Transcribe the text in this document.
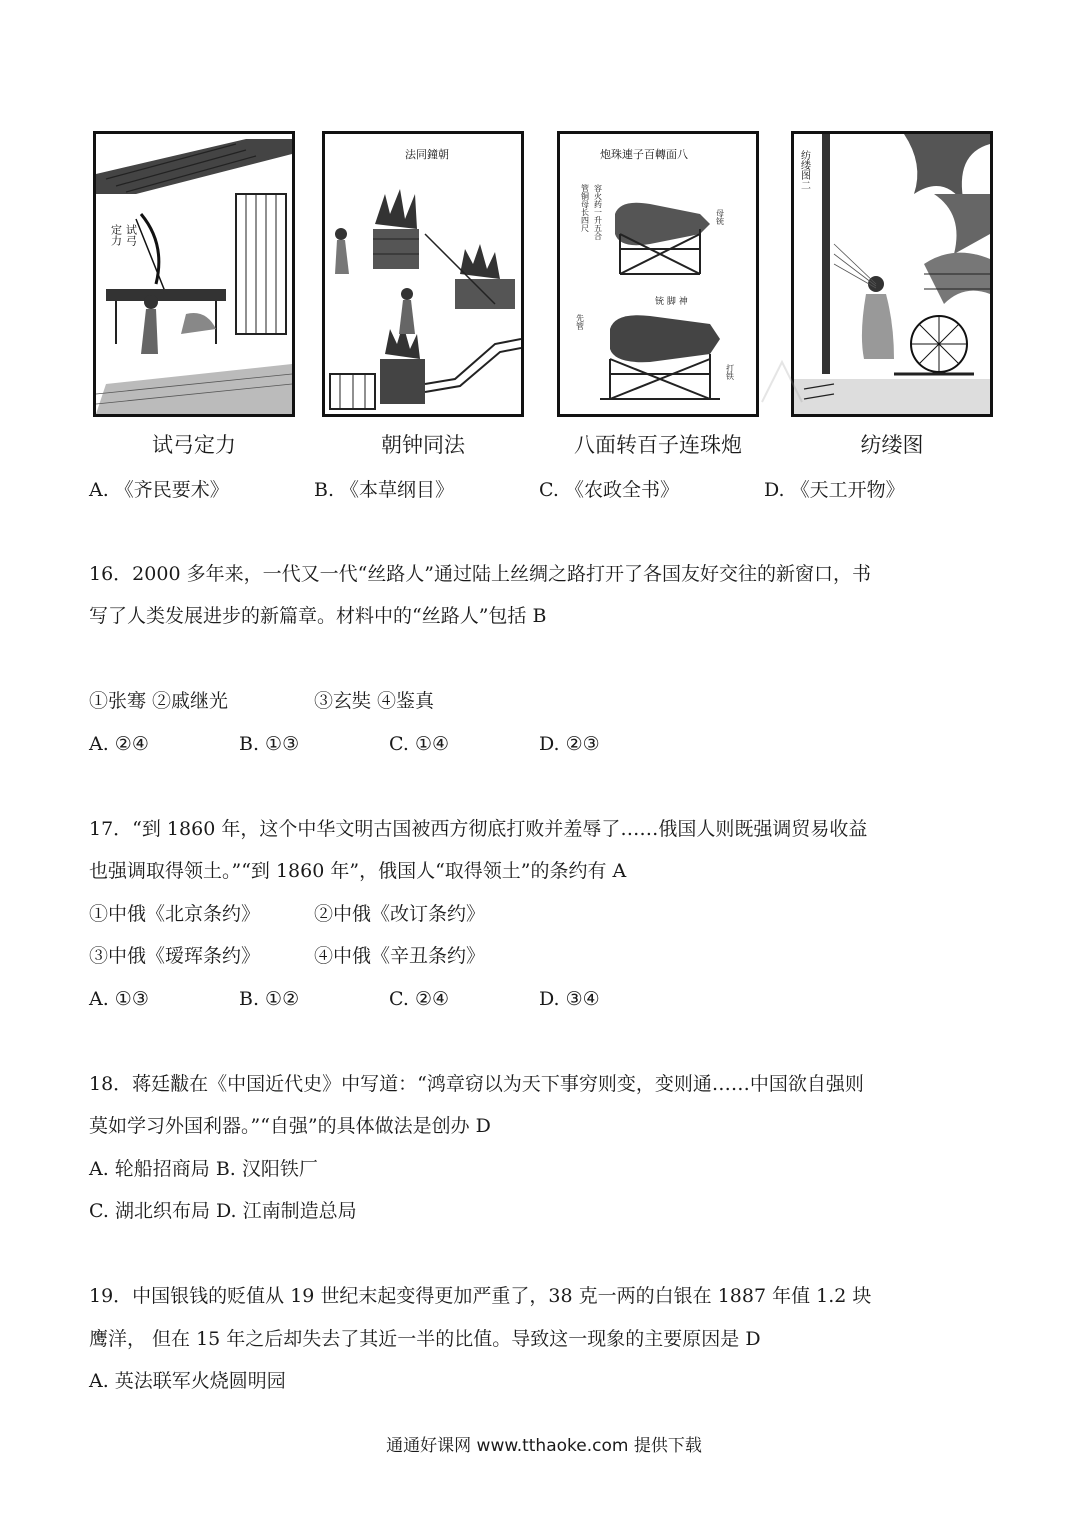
试弓
定力
法同鐘朝	炮珠連子百轉面八
管铜母长四尺 容火药一升五合	母铳
铳 脚 神
先管
打铁
纺缕图二
试弓定力	朝钟同法	八面转百子连珠炮	纺缕图
A. 《齐民要术》	B. 《本草纲目》	C. 《农政全书》	D. 《天工开物》
16．2000 多年来，一代又一代“丝路人”通过陆上丝绸之路打开了各国友好交往的新窗口，书
写了人类发展进步的新篇章。材料中的“丝路人”包括 B
①张骞 ②戚继光	③玄奘 ④鉴真
A. ②④	B. ①③	C. ①④	D. ②③
17．“到 1860 年，这个中华文明古国被西方彻底打败并羞辱了……俄国人则既强调贸易收益
也强调取得领土。”“到 1860 年”，俄国人“取得领土”的条约有 A
①中俄《北京条约》	②中俄《改订条约》
③中俄《瑷珲条约》	④中俄《辛丑条约》
A. ①③	B. ①②	C. ②④	D. ③④
18．蒋廷黻在《中国近代史》中写道：“鸿章窃以为天下事穷则变，变则通……中国欲自强则
莫如学习外国利器。”“自强”的具体做法是创办 D
A. 轮船招商局 B. 汉阳铁厂
C. 湖北织布局 D. 江南制造总局
19．中国银钱的贬值从 19 世纪末起变得更加严重了，38 克一两的白银在 1887 年值 1.2 块
鹰洋， 但在 15 年之后却失去了其近一半的比值。导致这一现象的主要原因是 D
A. 英法联军火烧圆明园
通通好课网 www.tthaoke.com 提供下载
